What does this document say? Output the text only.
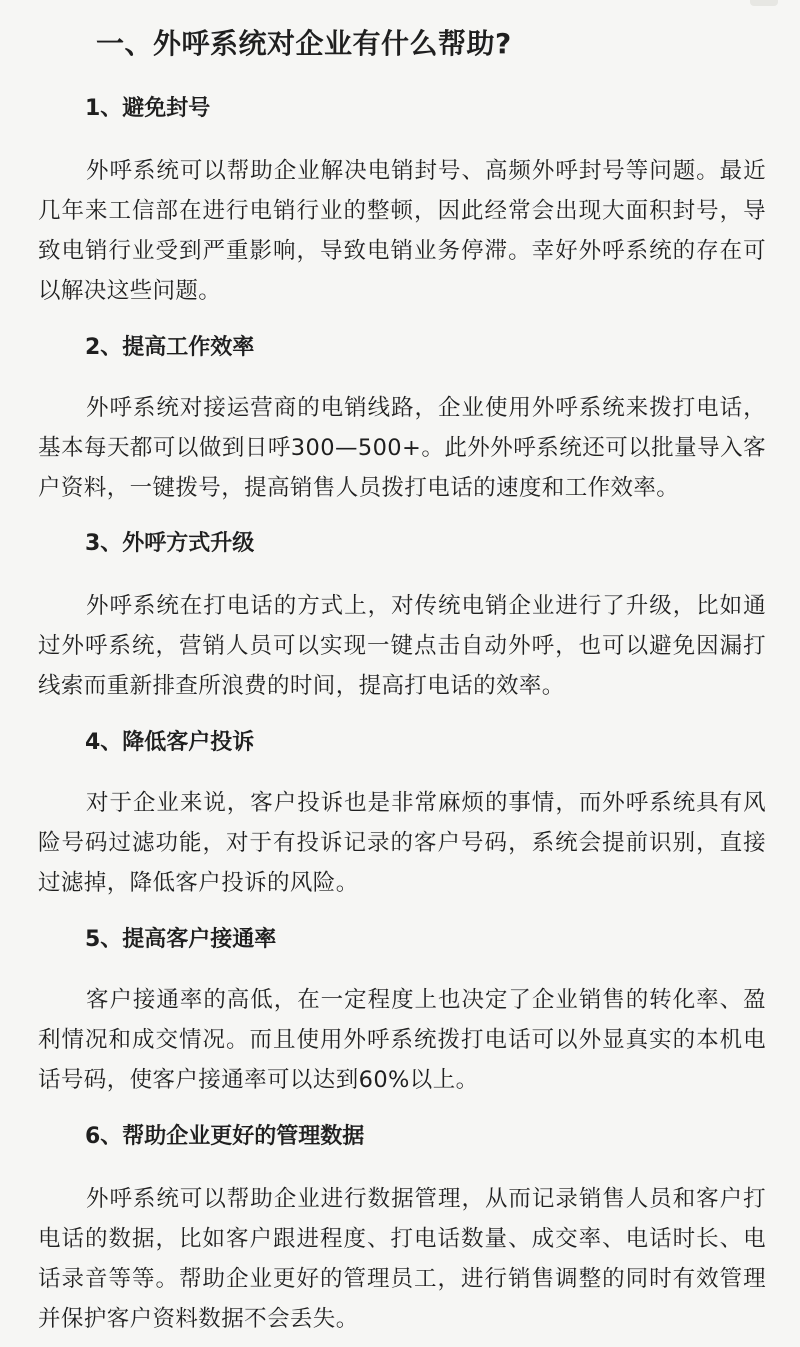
一、外呼系统对企业有什么帮助?
1、避免封号
外呼系统可以帮助企业解决电销封号、高频外呼封号等问题。最近几年来工信部在进行电销行业的整顿，因此经常会出现大面积封号，导致电销行业受到严重影响，导致电销业务停滞。幸好外呼系统的存在可以解决这些问题。
2、提高工作效率
外呼系统对接运营商的电销线路，企业使用外呼系统来拨打电话，基本每天都可以做到日呼300—500+。此外外呼系统还可以批量导入客户资料，一键拨号，提高销售人员拨打电话的速度和工作效率。
3、外呼方式升级
外呼系统在打电话的方式上，对传统电销企业进行了升级，比如通过外呼系统，营销人员可以实现一键点击自动外呼，也可以避免因漏打线索而重新排查所浪费的时间，提高打电话的效率。
4、降低客户投诉
对于企业来说，客户投诉也是非常麻烦的事情，而外呼系统具有风险号码过滤功能，对于有投诉记录的客户号码，系统会提前识别，直接过滤掉，降低客户投诉的风险。
5、提高客户接通率
客户接通率的高低，在一定程度上也决定了企业销售的转化率、盈利情况和成交情况。而且使用外呼系统拨打电话可以外显真实的本机电话号码，使客户接通率可以达到60%以上。
6、帮助企业更好的管理数据
外呼系统可以帮助企业进行数据管理，从而记录销售人员和客户打电话的数据，比如客户跟进程度、打电话数量、成交率、电话时长、电话录音等等。帮助企业更好的管理员工，进行销售调整的同时有效管理并保护客户资料数据不会丢失。
